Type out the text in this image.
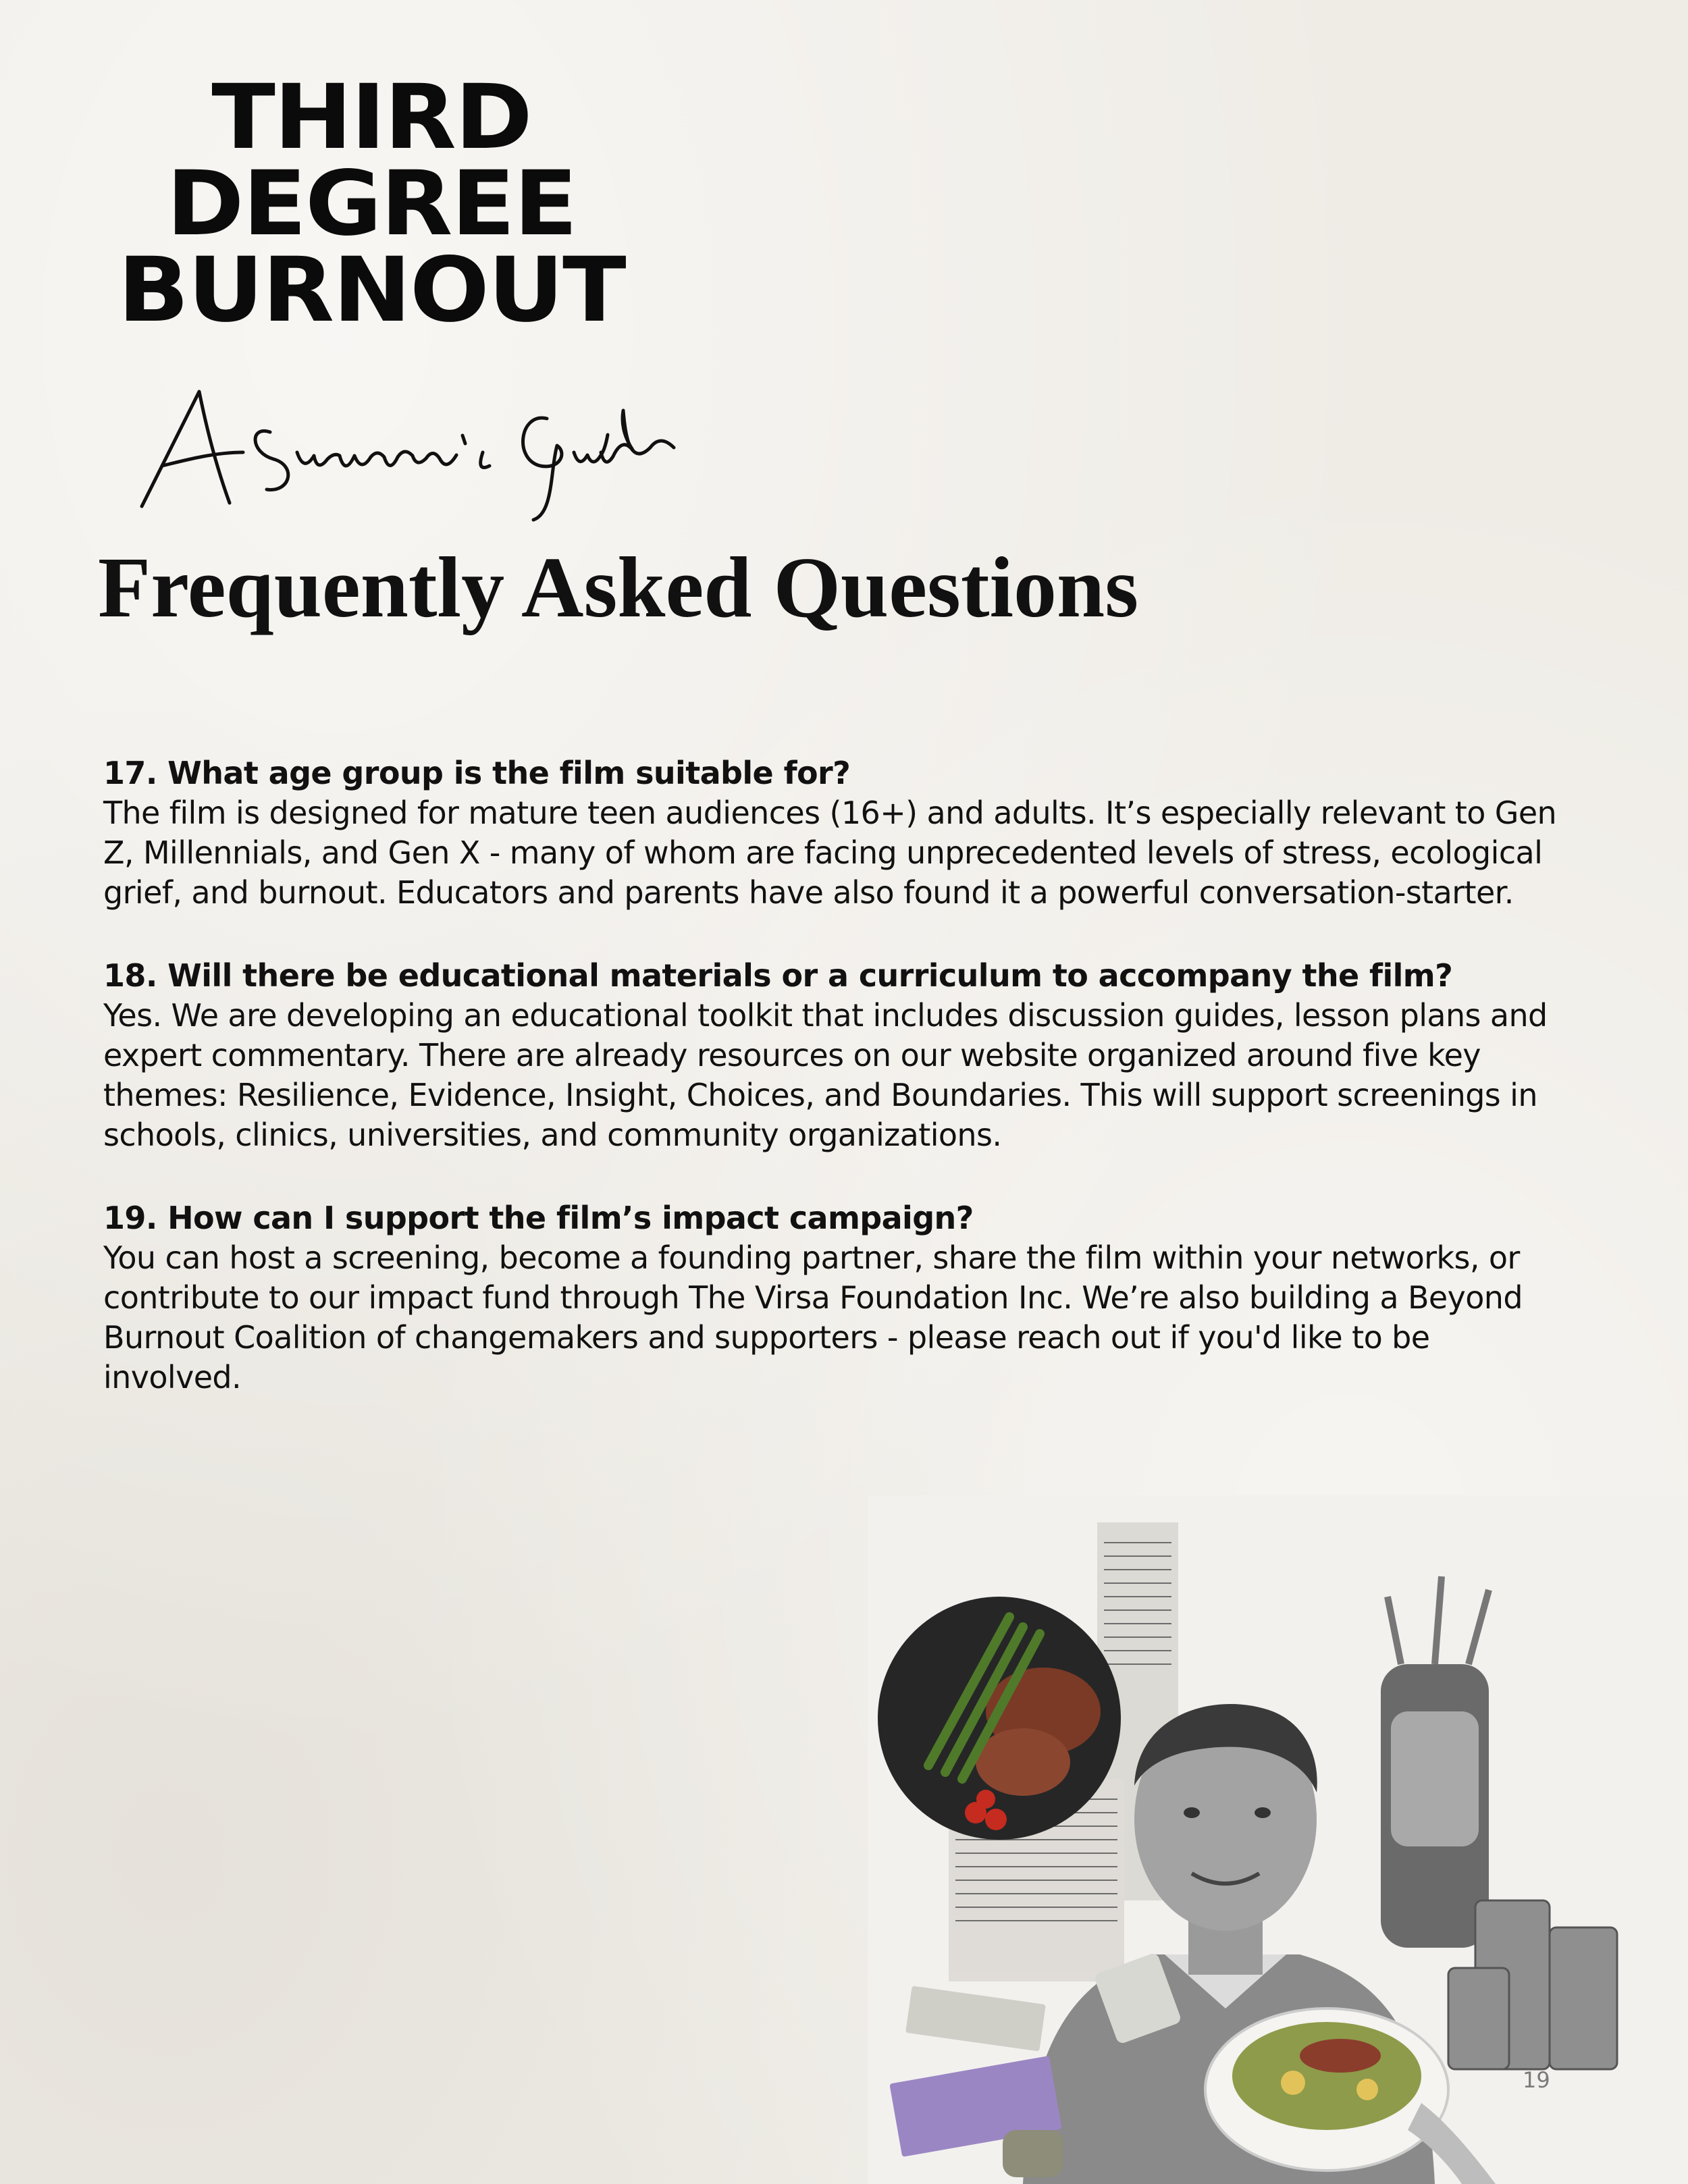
THIRD
DEGREE
BURNOUT
Frequently Asked Questions

17. What age group is the film suitable for?

The film is designed for mature teen audiences (16+) and adults. It’s especially relevant to Gen Z, Millennials, and Gen X - many of whom are facing unprecedented levels of stress, ecological grief, and burnout. Educators and parents have also found it a powerful conversation-starter.

18. Will there be educational materials or a curriculum to accompany the film?

Yes. We are developing an educational toolkit that includes discussion guides, lesson plans and expert commentary. There are already resources on our website organized around five key themes: Resilience, Evidence, Insight, Choices, and Boundaries. This will support screenings in schools, clinics, universities, and community organizations.

19. How can I support the film’s impact campaign?

You can host a screening, become a founding partner, share the film within your networks, or contribute to our impact fund through The Virsa Foundation Inc. We’re also building a Beyond Burnout Coalition of changemakers and supporters - please reach out if you'd like to be involved.

19
